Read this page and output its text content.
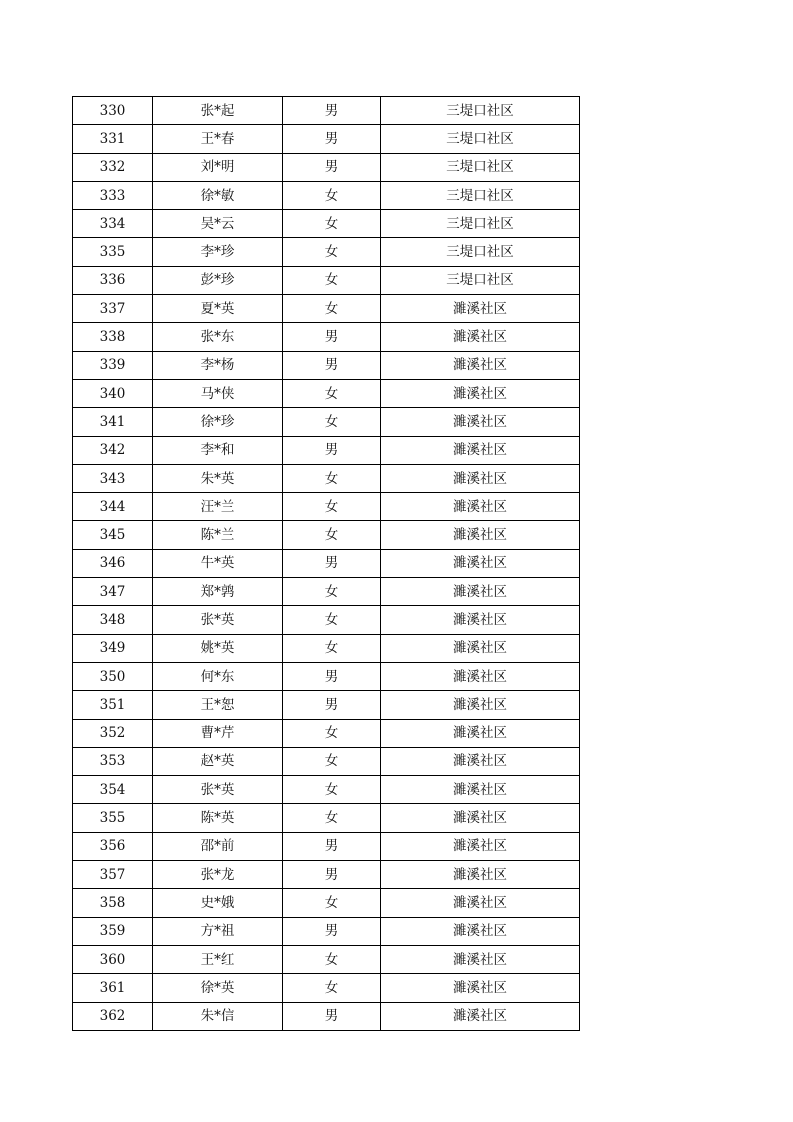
330	张*起	男	三堤口社区
331	王*春	男	三堤口社区
332	刘*明	男	三堤口社区
333	徐*敏	女	三堤口社区
334	吴*云	女	三堤口社区
335	李*珍	女	三堤口社区
336	彭*珍	女	三堤口社区
337	夏*英	女	濉溪社区
338	张*东	男	濉溪社区
339	李*杨	男	濉溪社区
340	马*侠	女	濉溪社区
341	徐*珍	女	濉溪社区
342	李*和	男	濉溪社区
343	朱*英	女	濉溪社区
344	汪*兰	女	濉溪社区
345	陈*兰	女	濉溪社区
346	牛*英	男	濉溪社区
347	郑*鹑	女	濉溪社区
348	张*英	女	濉溪社区
349	姚*英	女	濉溪社区
350	何*东	男	濉溪社区
351	王*恕	男	濉溪社区
352	曹*芹	女	濉溪社区
353	赵*英	女	濉溪社区
354	张*英	女	濉溪社区
355	陈*英	女	濉溪社区
356	邵*前	男	濉溪社区
357	张*龙	男	濉溪社区
358	史*娥	女	濉溪社区
359	方*祖	男	濉溪社区
360	王*红	女	濉溪社区
361	徐*英	女	濉溪社区
362	朱*信	男	濉溪社区
